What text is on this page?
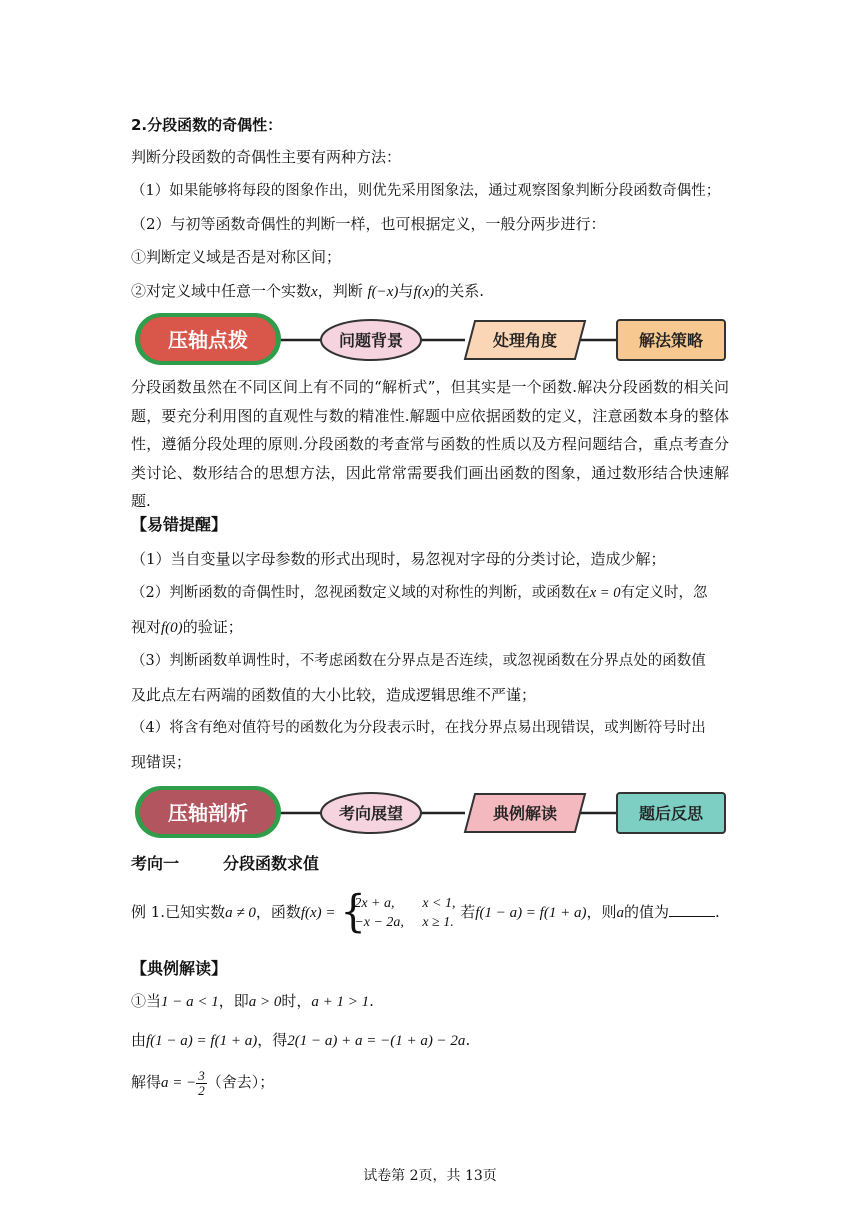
2.分段函数的奇偶性：
判断分段函数的奇偶性主要有两种方法：
（1）如果能够将每段的图象作出，则优先采用图象法，通过观察图象判断分段函数奇偶性；
（2）与初等函数奇偶性的判断一样，也可根据定义，一般分两步进行：
①判断定义域是否是对称区间；
②对定义域中任意一个实数x，判断 f(−x)与f(x)的关系.
压轴点拨	问题背景	处理角度	解法策略
分段函数虽然在不同区间上有不同的“解析式”，但其实是一个函数.解决分段函数的相关问题，要充分利用图的直观性与数的精准性.解题中应依据函数的定义，注意函数本身的整体性，遵循分段处理的原则.分段函数的考查常与函数的性质以及方程问题结合，重点考查分类讨论、数形结合的思想方法，因此常常需要我们画出函数的图象，通过数形结合快速解题.
【易错提醒】
（1）当自变量以字母参数的形式出现时，易忽视对字母的分类讨论，造成少解；
（2）判断函数的奇偶性时，忽视函数定义域的对称性的判断，或函数在x = 0有定义时，忽
视对f(0)的验证；
（3）判断函数单调性时，不考虑函数在分界点是否连续，或忽视函数在分界点处的函数值
及此点左右两端的函数值的大小比较，造成逻辑思维不严谨；
（4）将含有绝对值符号的函数化为分段表示时，在找分界点易出现错误，或判断符号时出
现错误；
压轴剖析	考向展望	典例解读	题后反思
考向一	分段函数求值
例 1.已知实数a ≠ 0，函数f(x) = {
2x + a, x < 1,
−x − 2a, x ≥ 1.
若f(1 − a) = f(1 + a)，则a的值为	.
【典例解读】
①当1 − a < 1，即a > 0时，a + 1 > 1.
由f(1 − a) = f(1 + a)，得2(1 − a) + a = −(1 + a) − 2a.
解得a = − $\frac{3}{2}$ （舍去）；
试卷第 2页，共 13页
